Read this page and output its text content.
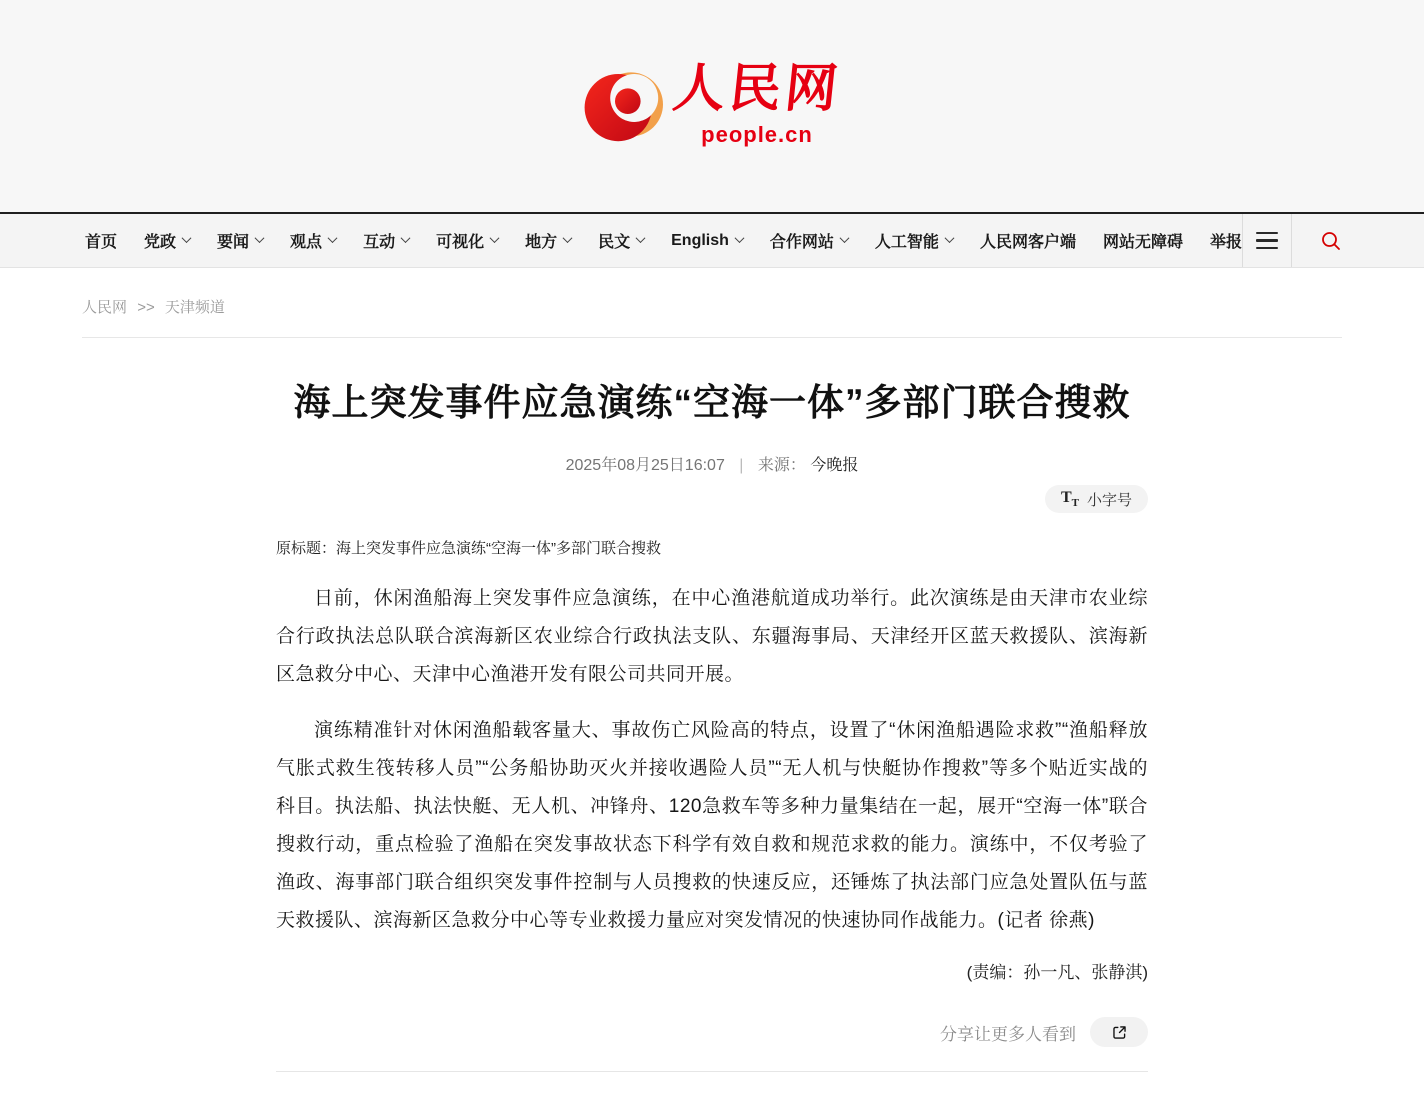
人民网
people.cn
首页 党政	要闻	观点	互动	可视化	地方	民文	English	合作网站	人工智能	人民网客户端 网站无障碍 举报
人民网 >> 天津频道
海上突发事件应急演练“空海一体”多部门联合搜救
2025年08月25日16:07 | 来源： 今晚报
$T_T$ 小字号
原标题：海上突发事件应急演练“空海一体”多部门联合搜救

日前，休闲渔船海上突发事件应急演练，在中心渔港航道成功举行。此次演练是由天津市农业综合行政执法总队联合滨海新区农业综合行政执法支队、东疆海事局、天津经开区蓝天救援队、滨海新区急救分中心、天津中心渔港开发有限公司共同开展。

演练精准针对休闲渔船载客量大、事故伤亡风险高的特点，设置了“休闲渔船遇险求救”“渔船释放气胀式救生筏转移人员”“公务船协助灭火并接收遇险人员”“无人机与快艇协作搜救”等多个贴近实战的科目。执法船、执法快艇、无人机、冲锋舟、120急救车等多种力量集结在一起，展开“空海一体”联合搜救行动，重点检验了渔船在突发事故状态下科学有效自救和规范求救的能力。演练中，不仅考验了渔政、海事部门联合组织突发事件控制与人员搜救的快速反应，还锤炼了执法部门应急处置队伍与蓝天救援队、滨海新区急救分中心等专业救援力量应对突发情况的快速协同作战能力。(记者 徐燕)

(责编：孙一凡、张静淇)
分享让更多人看到
